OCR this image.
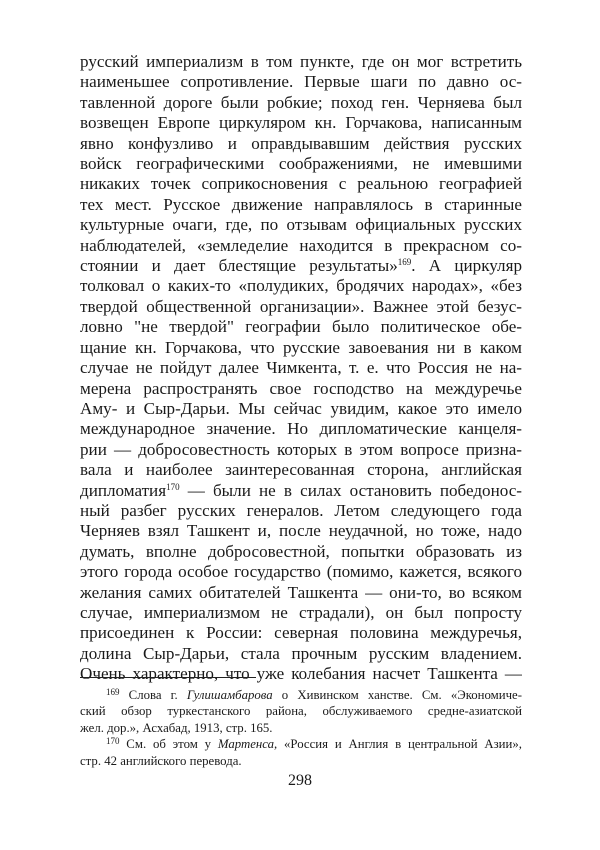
русский империализм в том пункте, где он мог встретить
наименьшее сопротивление. Первые шаги по давно ос-
тавленной дороге были робкие; поход ген. Черняева был
возвещен Европе циркуляром кн. Горчакова, написанным
явно конфузливо и оправдывавшим действия русских
войск географическими соображениями, не имевшими
никаких точек соприкосновения с реальною географией
тех мест. Русское движение направлялось в старинные
культурные очаги, где, по отзывам официальных русских
наблюдателей, «земледелие находится в прекрасном со-
стоянии и дает блестящие результаты»$^{169}$. А циркуляр
толковал о каких-то «полудиких, бродячих народах», «без
твердой общественной организации». Важнее этой безус-
ловно "не твердой" географии было политическое обе-
щание кн. Горчакова, что русские завоевания ни в каком
случае не пойдут далее Чимкента, т. е. что Россия не на-
мерена распространять свое господство на междуречье
Аму- и Сыр-Дарьи. Мы сейчас увидим, какое это имело
международное значение. Но дипломатические канцеля-
рии — добросовестность которых в этом вопросе призна-
вала и наиболее заинтересованная сторона, английская
дипломатия$^{170}$ — были не в силах остановить победонос-
ный разбег русских генералов. Летом следующего года
Черняев взял Ташкент и, после неудачной, но тоже, надо
думать, вполне добросовестной, попытки образовать из
этого города особое государство (помимо, кажется, всякого
желания самих обитателей Ташкента — они-то, во всяком
случае, империализмом не страдали), он был попросту
присоединен к России: северная половина междуречья,
долина Сыр-Дарьи, стала прочным русским владением.
Очень характерно, что уже колебания насчет Ташкента —
$^{169}$ Слова г. Гулишамбарова о Хивинском ханстве. См. «Экономиче-
ский обзор туркестанского района, обслуживаемого средне-азиатской
жел. дор.», Асхабад, 1913, стр. 165.
$^{170}$ См. об этом у Мартенса, «Россия и Англия в центральной Азии»,
стр. 42 английского перевода.
298
